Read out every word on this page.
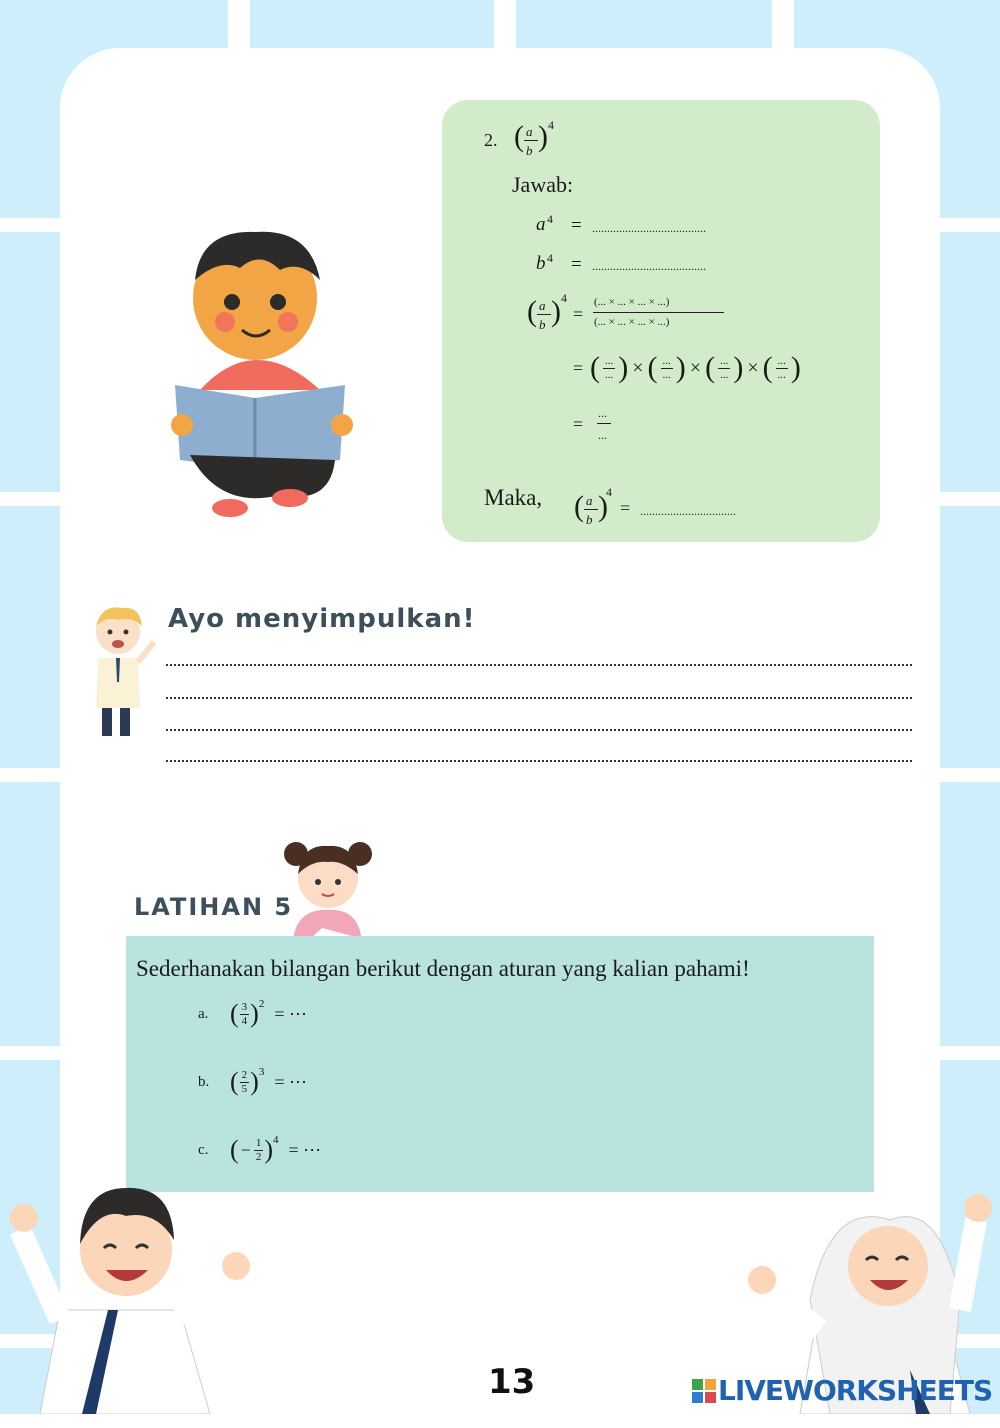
2. ( a
b ) 4
Jawab:
a 4 = ......................................
b 4 = ......................................
( a
b ) 4
=
(... × ... × ... × ...)
(... × ... × ... × ...)
= ( $\frac{...}{...}$ ) × ( $\frac{...}{...}$ ) × ( $\frac{...}{...}$ ) × ( $\frac{...}{...}$ )
=
...
...
Maka, ( a
b )
4
= ................................
Ayo menyimpulkan!
LATIHAN 5
Sederhanakan bilangan berikut dengan aturan yang kalian pahami!
a. ( $\frac{3}{4}$ ) 2 = ⋯
b. ( $\frac{2}{5}$ ) 3 = ⋯
c. ( − $\frac{1}{2}$ ) 4 = ⋯
13	LIVEWORKSHEETS
